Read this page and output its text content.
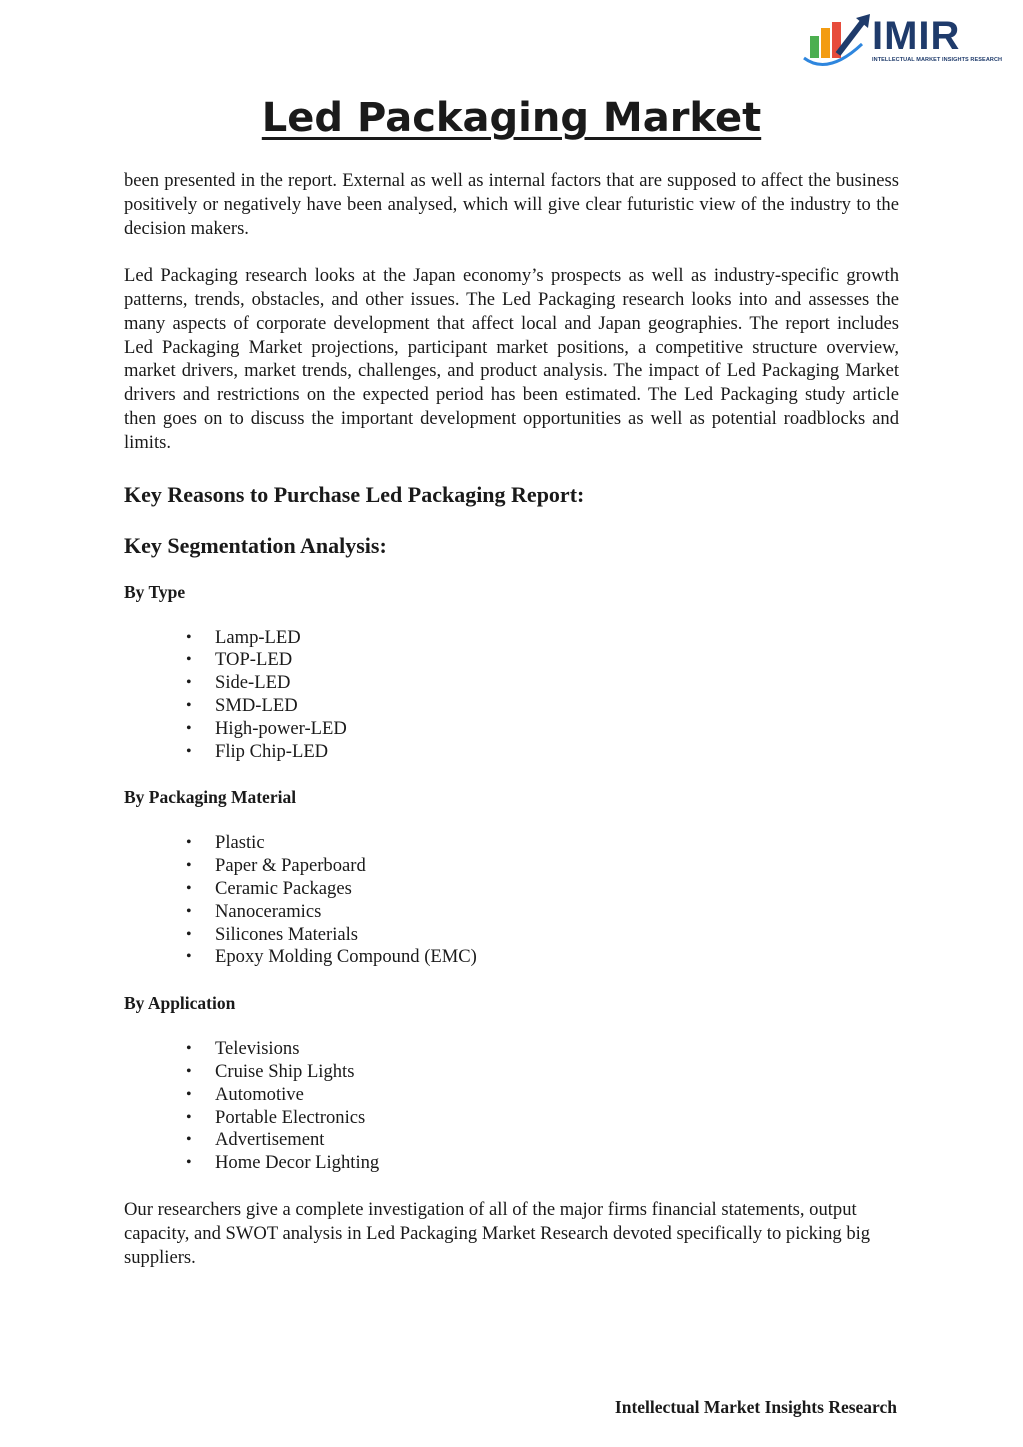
IMIR
INTELLECTUAL MARKET INSIGHTS RESEARCH
Led Packaging Market

been presented in the report. External as well as internal factors that are supposed to affect the business positively or negatively have been analysed, which will give clear futuristic view of the industry to the decision makers.

Led Packaging research looks at the Japan economy’s prospects as well as industry-specific growth patterns, trends, obstacles, and other issues. The Led Packaging research looks into and assesses the many aspects of corporate development that affect local and Japan geographies. The report includes Led Packaging Market projections, participant market positions, a competitive structure overview, market drivers, market trends, challenges, and product analysis. The impact of Led Packaging Market drivers and restrictions on the expected period has been estimated. The Led Packaging study article then goes on to discuss the important development opportunities as well as potential roadblocks and limits.

Key Reasons to Purchase Led Packaging Report:
Key Segmentation Analysis:
By Type
• Lamp-LED
• TOP-LED
• Side-LED
• SMD-LED
• High-power-LED
• Flip Chip-LED
By Packaging Material
• Plastic
• Paper & Paperboard
• Ceramic Packages
• Nanoceramics
• Silicones Materials
• Epoxy Molding Compound (EMC)
By Application
• Televisions
• Cruise Ship Lights
• Automotive
• Portable Electronics
• Advertisement
• Home Decor Lighting

Our researchers give a complete investigation of all of the major firms financial statements, output capacity, and SWOT analysis in Led Packaging Market Research devoted specifically to picking big suppliers.

Intellectual Market Insights Research
